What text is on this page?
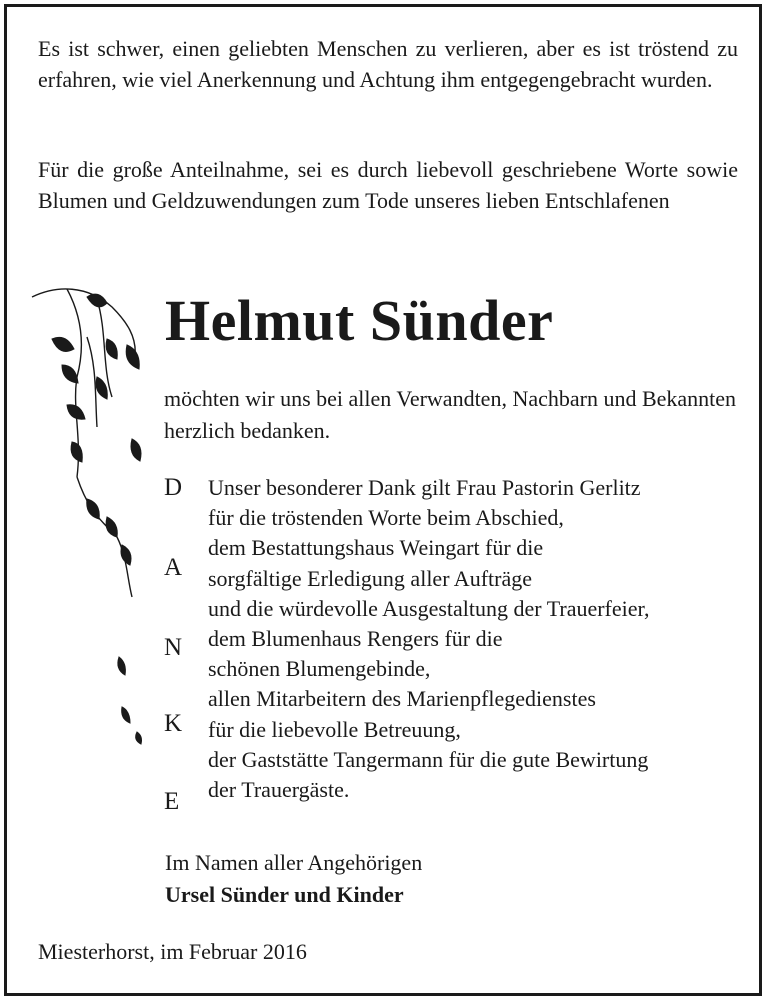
Es ist schwer, einen geliebten Menschen zu verlieren, aber es ist tröstend zu erfahren, wie viel Anerkennung und Achtung ihm entgegengebracht wurden.

Für die große Anteilnahme, sei es durch liebevoll geschriebene Worte sowie Blumen und Geldzuwendungen zum Tode unseres lieben Entschlafenen

Helmut Sünder

möchten wir uns bei allen Verwandten, Nachbarn und Bekannten herzlich bedanken.

D
A
N
K
E
Unser besonderer Dank gilt Frau Pastorin Gerlitz
für die tröstenden Worte beim Abschied,
dem Bestattungshaus Weingart für die
sorgfältige Erledigung aller Aufträge
und die würdevolle Ausgestaltung der Trauerfeier,
dem Blumenhaus Rengers für die
schönen Blumengebinde,
allen Mitarbeitern des Marienpflegedienstes
für die liebevolle Betreuung,
der Gaststätte Tangermann für die gute Bewirtung
der Trauergäste.
Im Namen aller Angehörigen
Ursel Sünder und Kinder
Miesterhorst, im Februar 2016
